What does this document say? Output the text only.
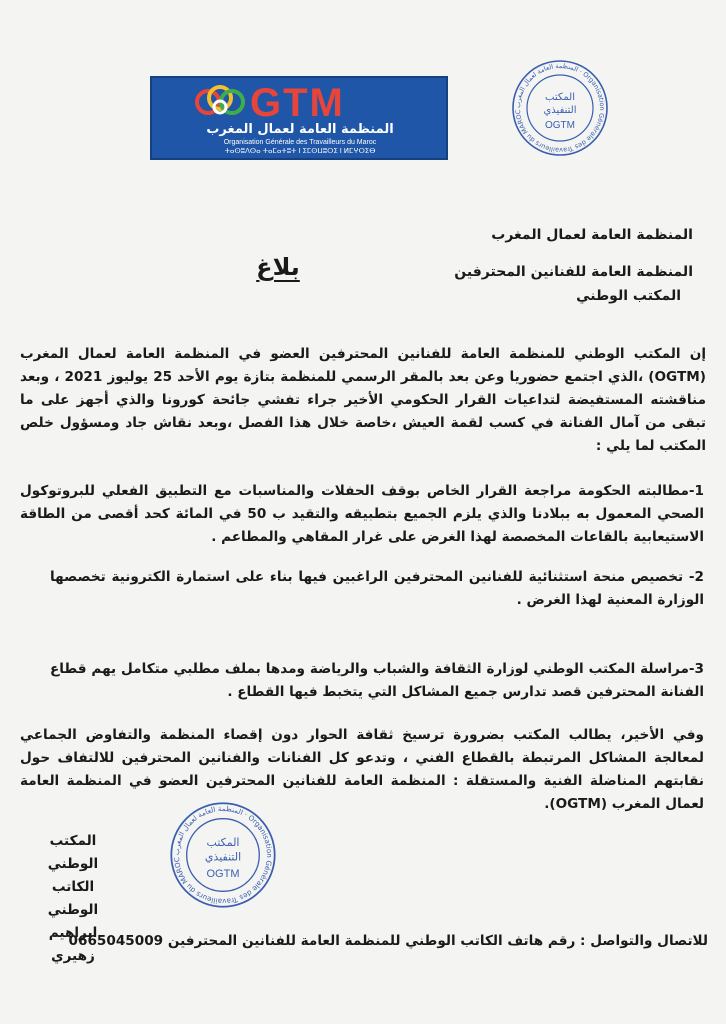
GTM
المنظمة العامة لعمال المغرب
Organisation Générale des Travailleurs du Maroc
ⵜⴰⵙⵓⴷⵙⴰ ⵜⴰⵎⴰⵜⵓⵜ ⵏ ⵉⵎⵙⵡⵓⵔⵉ ⵏ ⵍⵎⵖⵔⵉⴱ
المنظمة العامة لعمال المغرب · Organisation Générale des Travailleurs du MAROC
المكتب
التنفيذي
OGTM
المنظمة العامة لعمال المغرب
بلاغ	المنظمة العامة للفنانين المحترفين
المكتب الوطني
إن المكتب الوطني للمنظمة العامة للفنانين المحترفين العضو في المنظمة العامة لعمال المغرب (OGTM) ،الذي اجتمع حضوريا وعن بعد بالمقر الرسمي للمنظمة بتازة يوم الأحد 25 يوليوز 2021 ، وبعد مناقشته المستفيضة لتداعيات القرار الحكومي الأخير جراء تفشي جائحة كورونا والذي أجهز على ما تبقى من آمال الفنانة في كسب لقمة العيش ،خاصة خلال هذا الفصل ،وبعد نقاش جاد ومسؤول خلص المكتب لما يلي :
1-مطالبته الحكومة مراجعة القرار الخاص بوقف الحفلات والمناسبات مع التطبيق الفعلي للبروتوكول الصحي المعمول به ببلادنا والذي يلزم الجميع بتطبيقه والتقيد ب 50 في المائة كحد أقصى من الطاقة الاستيعابية بالقاعات المخصصة لهذا الغرض على غرار المقاهي والمطاعم .
2- تخصيص منحة استثنائية للفنانين المحترفين الراغبين فيها بناء على استمارة الكترونية تخصصها الوزارة المعنية لهذا الغرض .
3-مراسلة المكتب الوطني لوزارة الثقافة والشباب والرياضة ومدها بملف مطلبي متكامل يهم قطاع الفنانة المحترفين قصد تدارس جميع المشاكل التي يتخبط فيها القطاع .
وفي الأخير، يطالب المكتب بضرورة ترسيخ ثقافة الحوار دون إقصاء المنظمة والتفاوض الجماعي لمعالجة المشاكل المرتبطة بالقطاع الفني ، وتدعو كل الفنانات والفنانين المحترفين للالتفاف حول نقابتهم المناضلة الفنية والمستقلة : المنظمة العامة للفنانين المحترفين العضو في المنظمة العامة لعمال المغرب (OGTM).
المنظمة العامة لعمال المغرب · Organisation Générale des Travailleurs du MAROC
المكتب
التنفيذي
OGTM
المكتب الوطني
الكاتب الوطني
ابراهيم زهيري
للاتصال والتواصل : رقم هاتف الكاتب الوطني للمنظمة العامة للفنانين المحترفين 0665045009
